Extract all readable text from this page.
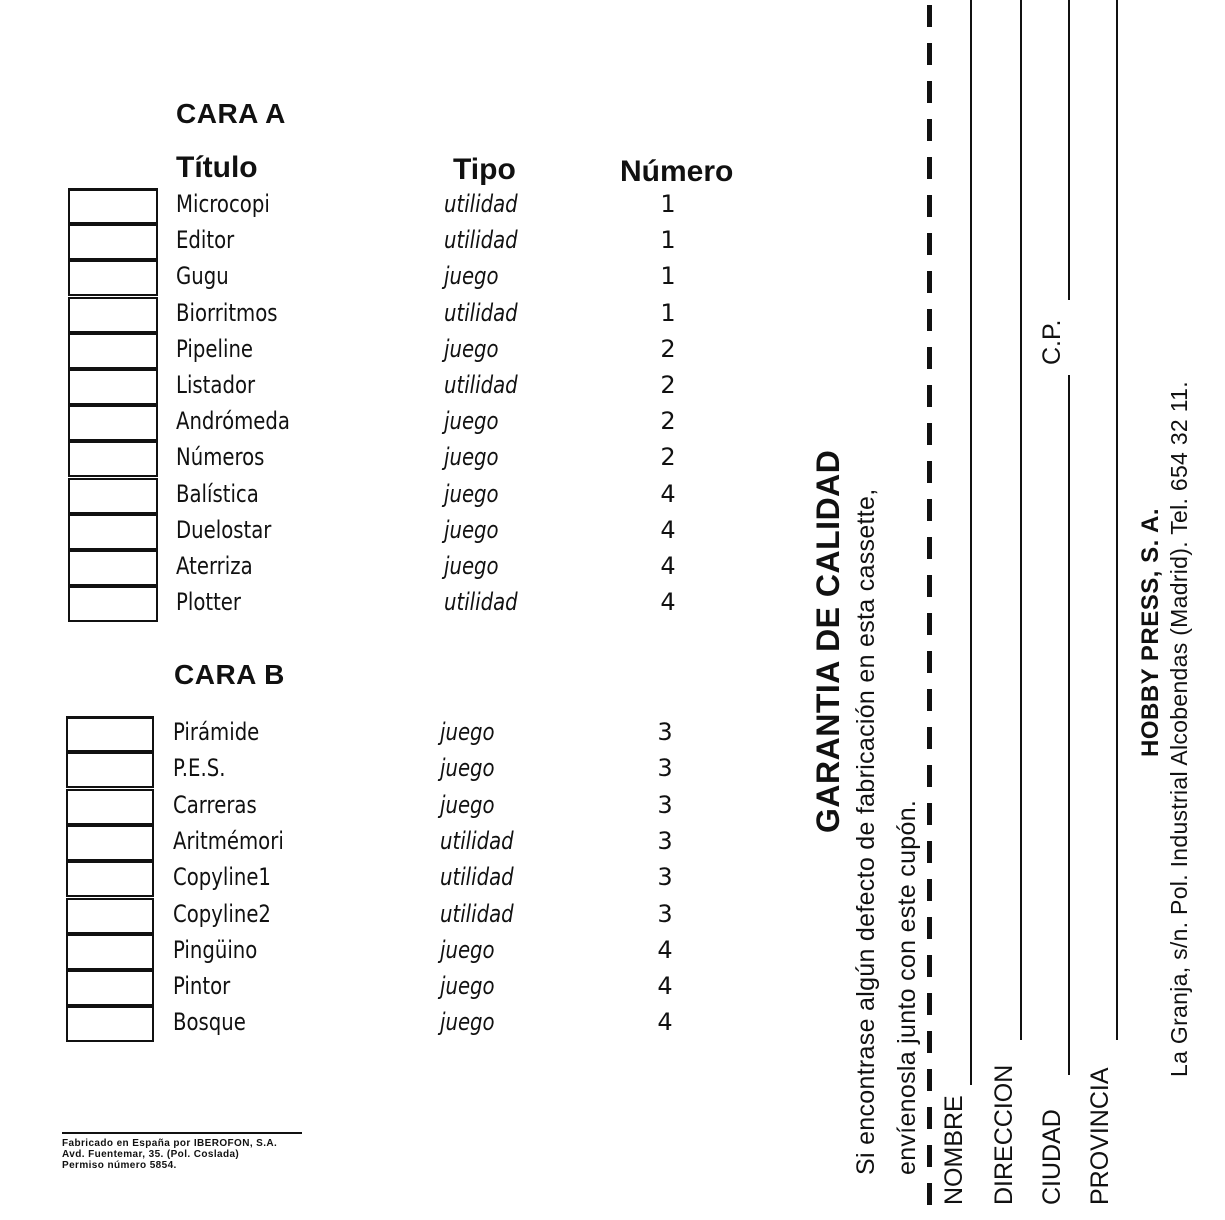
CARA A
Título	Tipo	Número
Microcopi	utilidad	1
Editor	utilidad	1
Gugu	juego	1
Biorritmos	utilidad	1
Pipeline	juego	2
Listador	utilidad	2
Andrómeda	juego	2
Números	juego	2
Balística	juego	4
Duelostar	juego	4
Aterriza	juego	4
Plotter	utilidad	4
CARA B
Pirámide	juego	3
P.E.S.	juego	3
Carreras	juego	3
Aritmémori	utilidad	3
Copyline1	utilidad	3
Copyline2	utilidad	3
Pingüino	juego	4
Pintor	juego	4
Bosque	juego	4
Fabricado en España por IBEROFON, S.A.
Avd. Fuentemar, 35. (Pol. Coslada)
Permiso número 5854.
GARANTIA DE CALIDAD Si encontrase algún defecto de fabricación en esta cassette, envíenosla junto con este cupón. NOMBRE DIRECCION CIUDAD
C.P.
PROVINCIA
HOBBY PRESS, S. A. La Granja, s/n. Pol. Industrial Alcobendas (Madrid). Tel. 654 32 11.
